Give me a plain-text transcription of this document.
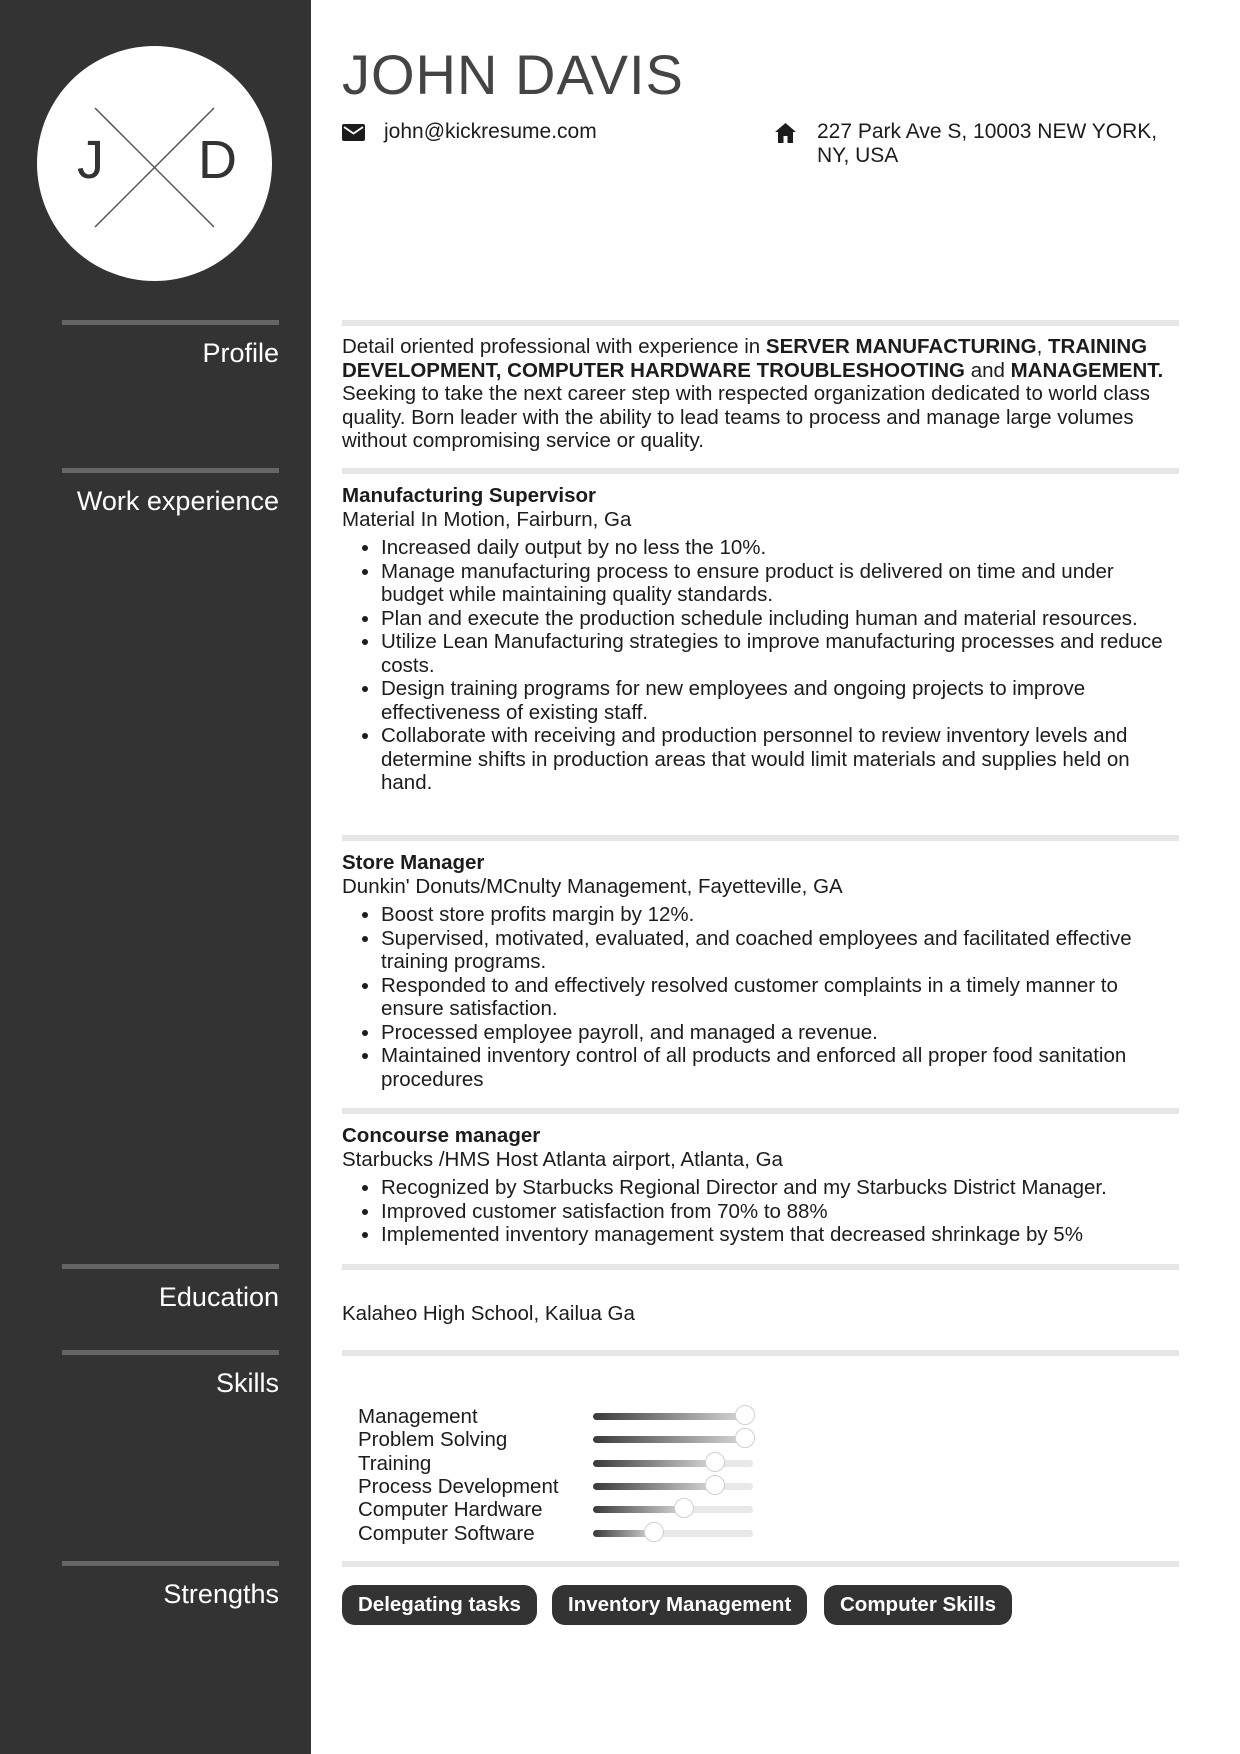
J D
Profile
Work experience
Education
Skills
Strengths
JOHN DAVIS
john@kickresume.com	227 Park Ave S, 10003 NEW YORK,
NY, USA
Detail oriented professional with experience in SERVER MANUFACTURING, TRAINING DEVELOPMENT, COMPUTER HARDWARE TROUBLESHOOTING and MANAGEMENT. Seeking to take the next career step with respected organization dedicated to world class quality. Born leader with the ability to lead teams to process and manage large volumes without compromising service or quality.
Manufacturing Supervisor
Material In Motion, Fairburn, Ga
• Increased daily output by no less the 10%.
• Manage manufacturing process to ensure product is delivered on time and under budget while maintaining quality standards.
• Plan and execute the production schedule including human and material resources.
• Utilize Lean Manufacturing strategies to improve manufacturing processes and reduce costs.
• Design training programs for new employees and ongoing projects to improve effectiveness of existing staff.
• Collaborate with receiving and production personnel to review inventory levels and determine shifts in production areas that would limit materials and supplies held on hand.
Store Manager
Dunkin' Donuts/MCnulty Management, Fayetteville, GA
• Boost store profits margin by 12%.
• Supervised, motivated, evaluated, and coached employees and facilitated effective training programs.
• Responded to and effectively resolved customer complaints in a timely manner to ensure satisfaction.
• Processed employee payroll, and managed a revenue.
• Maintained inventory control of all products and enforced all proper food sanitation procedures
Concourse manager
Starbucks /HMS Host Atlanta airport, Atlanta, Ga
• Recognized by Starbucks Regional Director and my Starbucks District Manager.
• Improved customer satisfaction from 70% to 88%
• Implemented inventory management system that decreased shrinkage by 5%
Kalaheo High School, Kailua Ga
Management
Problem Solving
Training
Process Development
Computer Hardware
Computer Software
Delegating tasks	Inventory Management	Computer Skills
